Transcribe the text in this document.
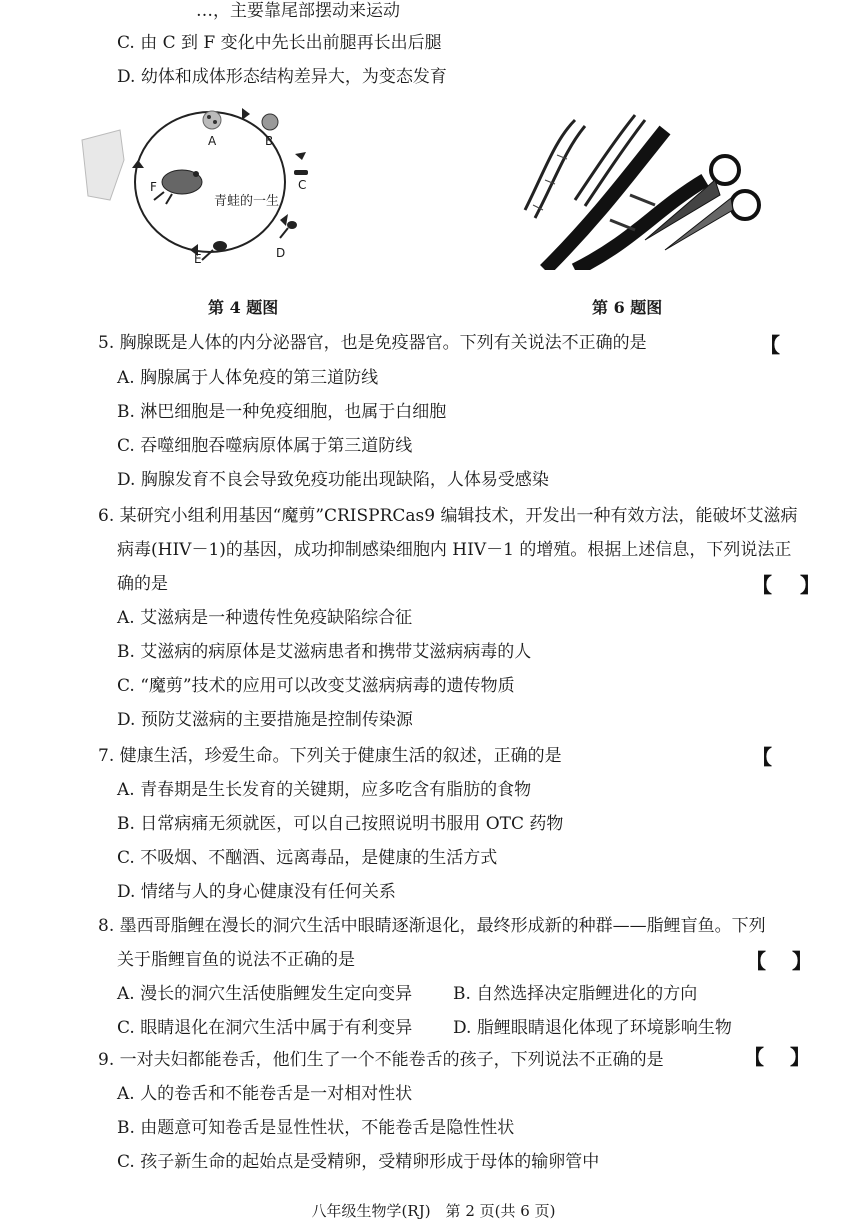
…，主要靠尾部摆动来运动
C. 由 C 到 F 变化中先长出前腿再长出后腿
D. 幼体和成体形态结构差异大，为变态发育
A	B
C
D
E
F
青蛙的一生
第 4 题图	第 6 题图
5. 胸腺既是人体的内分泌器官，也是免疫器官。下列有关说法不正确的是	【
A. 胸腺属于人体免疫的第三道防线
B. 淋巴细胞是一种免疫细胞，也属于白细胞
C. 吞噬细胞吞噬病原体属于第三道防线
D. 胸腺发育不良会导致免疫功能出现缺陷，人体易受感染
6. 某研究小组利用基因“魔剪”CRISPRCas9 编辑技术，开发出一种有效方法，能破坏艾滋病
病毒(HIV－1)的基因，成功抑制感染细胞内 HIV－1 的增殖。根据上述信息，下列说法正
确的是	【 】
A. 艾滋病是一种遗传性免疫缺陷综合征
B. 艾滋病的病原体是艾滋病患者和携带艾滋病病毒的人
C. “魔剪”技术的应用可以改变艾滋病病毒的遗传物质
D. 预防艾滋病的主要措施是控制传染源
7. 健康生活，珍爱生命。下列关于健康生活的叙述，正确的是	【
A. 青春期是生长发育的关键期，应多吃含有脂肪的食物
B. 日常病痛无须就医，可以自己按照说明书服用 OTC 药物
C. 不吸烟、不酗酒、远离毒品，是健康的生活方式
D. 情绪与人的身心健康没有任何关系
8. 墨西哥脂鲤在漫长的洞穴生活中眼睛逐渐退化，最终形成新的种群——脂鲤盲鱼。下列
关于脂鲤盲鱼的说法不正确的是	【 】
A. 漫长的洞穴生活使脂鲤发生定向变异 B. 自然选择决定脂鲤进化的方向
C. 眼睛退化在洞穴生活中属于有利变异 D. 脂鲤眼睛退化体现了环境影响生物
9. 一对夫妇都能卷舌，他们生了一个不能卷舌的孩子，下列说法不正确的是	【 】
A. 人的卷舌和不能卷舌是一对相对性状
B. 由题意可知卷舌是显性性状，不能卷舌是隐性性状
C. 孩子新生命的起始点是受精卵，受精卵形成于母体的输卵管中
八年级生物学(RJ)　第 2 页(共 6 页)
